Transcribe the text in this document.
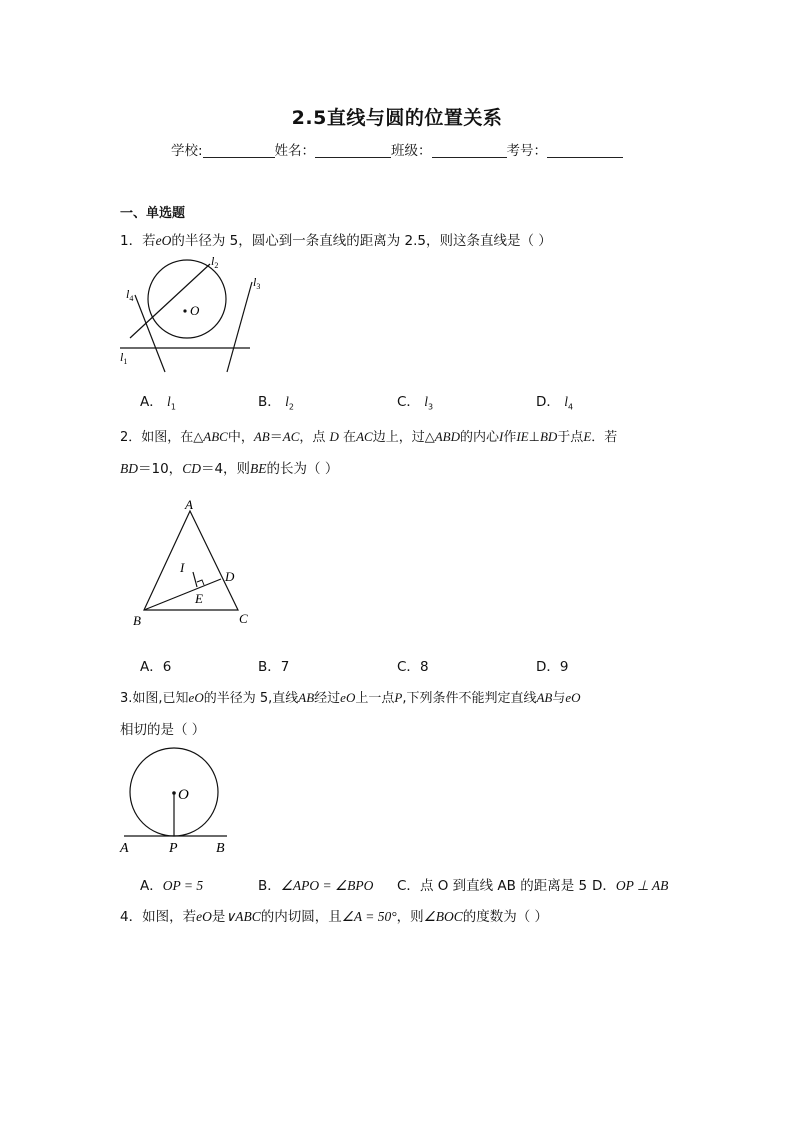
2.5直线与圆的位置关系
学校:	姓名：	班级：	考号：
一、单选题
1．若eO的半径为 5，圆心到一条直线的距离为 2.5，则这条直线是（ ）
O
$l_1$
$l_2$
$l_3$
$l_4$
A． $l_1$	B． $l_2$	C． $l_3$	D． $l_4$
2．如图，在△ABC中，AB＝AC，点 D 在AC边上，过△ABD的内心I作IE⊥BD于点E．若
BD＝10，CD＝4，则BE的长为（ ）
A
B	C
D
E
I
A．6	B．7	C．8	D．9
3.如图,已知eO的半径为 5,直线AB经过eO上一点P,下列条件不能判定直线AB与eO
相切的是（ ）
O
A	P	B
A．OP = 5	B．∠APO = ∠BPO C．点 O 到直线 AB 的距离是 5 D．OP ⊥ AB
4．如图，若eO是∨ABC的内切圆，且∠A = 50°，则∠BOC的度数为（ ）
